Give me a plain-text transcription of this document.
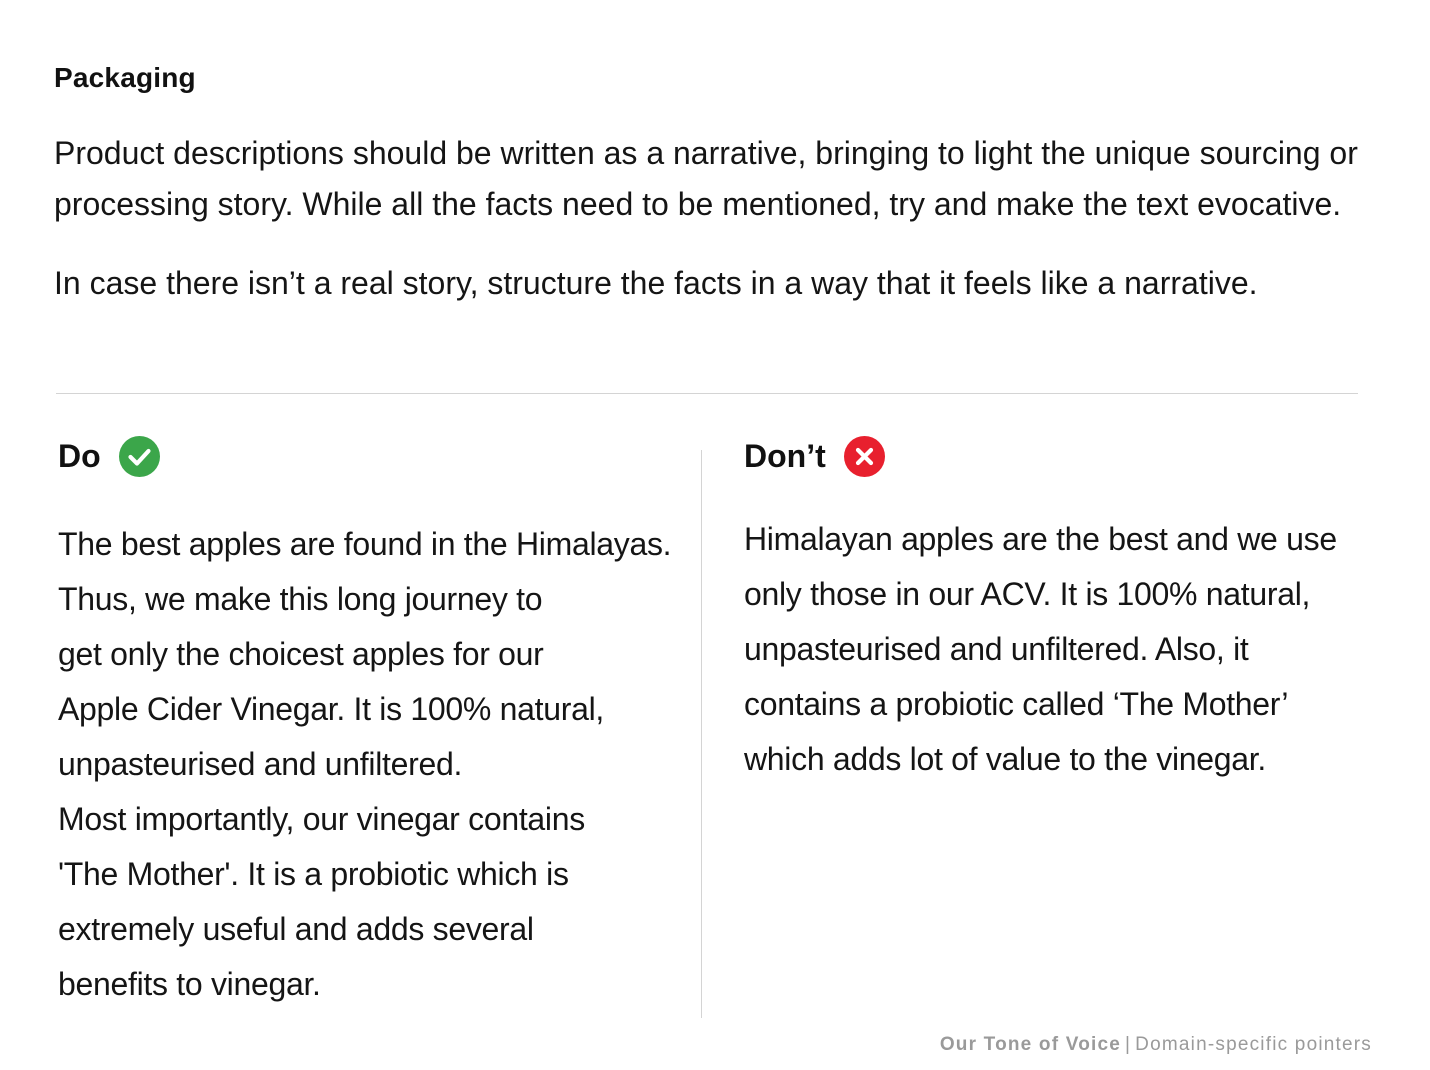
Packaging

Product descriptions should be written as a narrative, bringing to light the unique sourcing or processing story. While all the facts need to be mentioned, try and make the text evocative.

In case there isn’t a real story, structure the facts in a way that it feels like a narrative.

Do
The best apples are found in the Himalayas.
Thus, we make this long journey to
get only the choicest apples for our
Apple Cider Vinegar. It is 100% natural,
unpasteurised and unfiltered.
Most importantly, our vinegar contains
'The Mother'. It is a probiotic which is
extremely useful and adds several
benefits to vinegar.
Don’t
Himalayan apples are the best and we use
only those in our ACV. It is 100% natural,
unpasteurised and unfiltered. Also, it
contains a probiotic called ‘The Mother’
which adds lot of value to the vinegar.
Our Tone of Voice | Domain-specific pointers
